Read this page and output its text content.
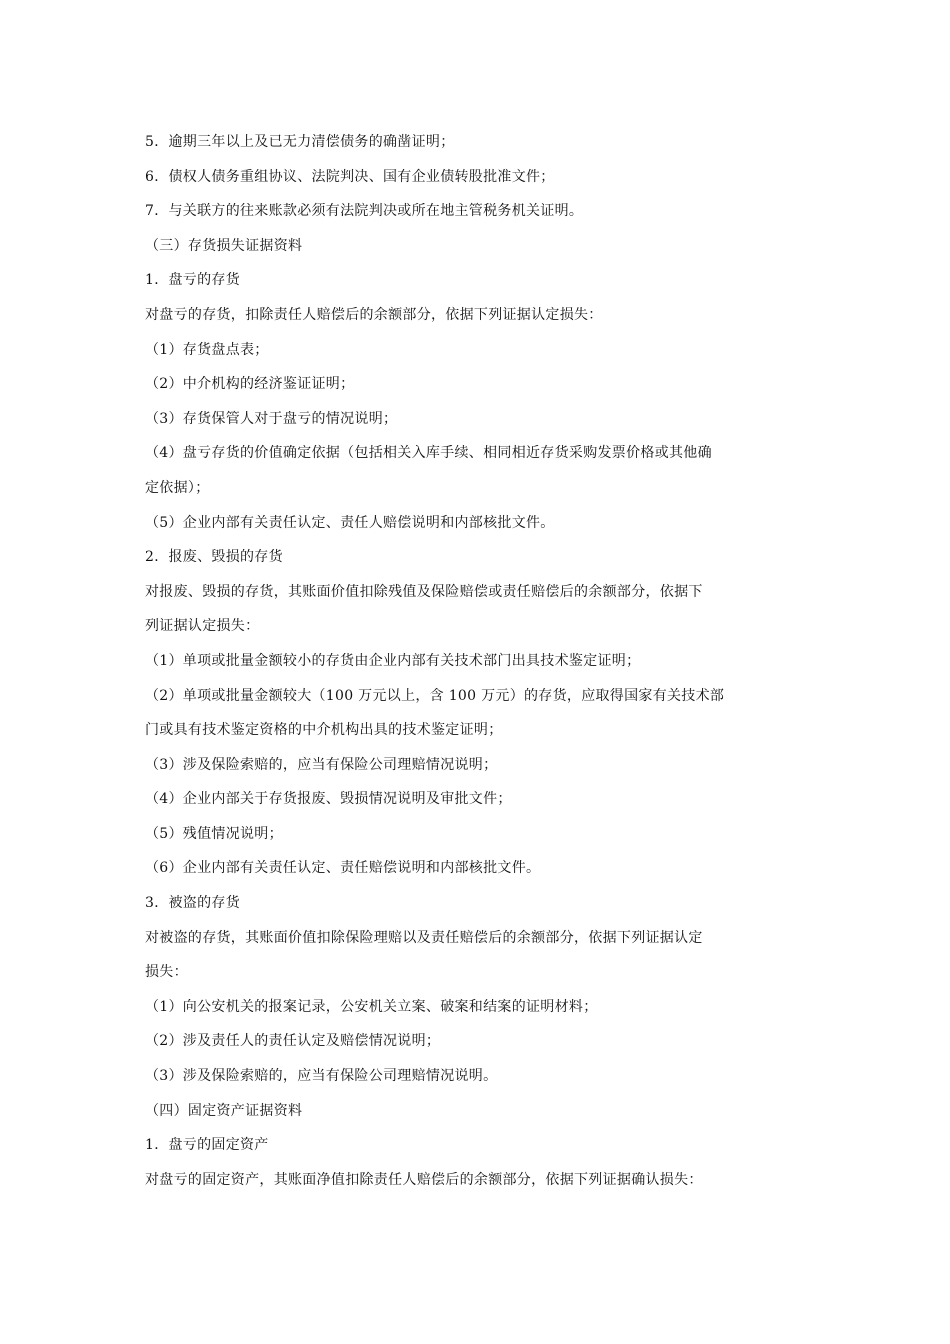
5．逾期三年以上及已无力清偿债务的确凿证明；
6．债权人债务重组协议、法院判决、国有企业债转股批准文件；
7．与关联方的往来账款必须有法院判决或所在地主管税务机关证明。
（三）存货损失证据资料
1．盘亏的存货
对盘亏的存货，扣除责任人赔偿后的余额部分，依据下列证据认定损失：
（1）存货盘点表；
（2）中介机构的经济鉴证证明；
（3）存货保管人对于盘亏的情况说明；
（4）盘亏存货的价值确定依据（包括相关入库手续、相同相近存货采购发票价格或其他确
定依据）；
（5）企业内部有关责任认定、责任人赔偿说明和内部核批文件。
2．报废、毁损的存货
对报废、毁损的存货，其账面价值扣除残值及保险赔偿或责任赔偿后的余额部分，依据下
列证据认定损失：
（1）单项或批量金额较小的存货由企业内部有关技术部门出具技术鉴定证明；
（2）单项或批量金额较大（100 万元以上，含 100 万元）的存货，应取得国家有关技术部
门或具有技术鉴定资格的中介机构出具的技术鉴定证明；
（3）涉及保险索赔的，应当有保险公司理赔情况说明；
（4）企业内部关于存货报废、毁损情况说明及审批文件；
（5）残值情况说明；
（6）企业内部有关责任认定、责任赔偿说明和内部核批文件。
3．被盗的存货
对被盗的存货，其账面价值扣除保险理赔以及责任赔偿后的余额部分，依据下列证据认定
损失：
（1）向公安机关的报案记录，公安机关立案、破案和结案的证明材料；
（2）涉及责任人的责任认定及赔偿情况说明；
（3）涉及保险索赔的，应当有保险公司理赔情况说明。
（四）固定资产证据资料
1．盘亏的固定资产
对盘亏的固定资产，其账面净值扣除责任人赔偿后的余额部分，依据下列证据确认损失：
